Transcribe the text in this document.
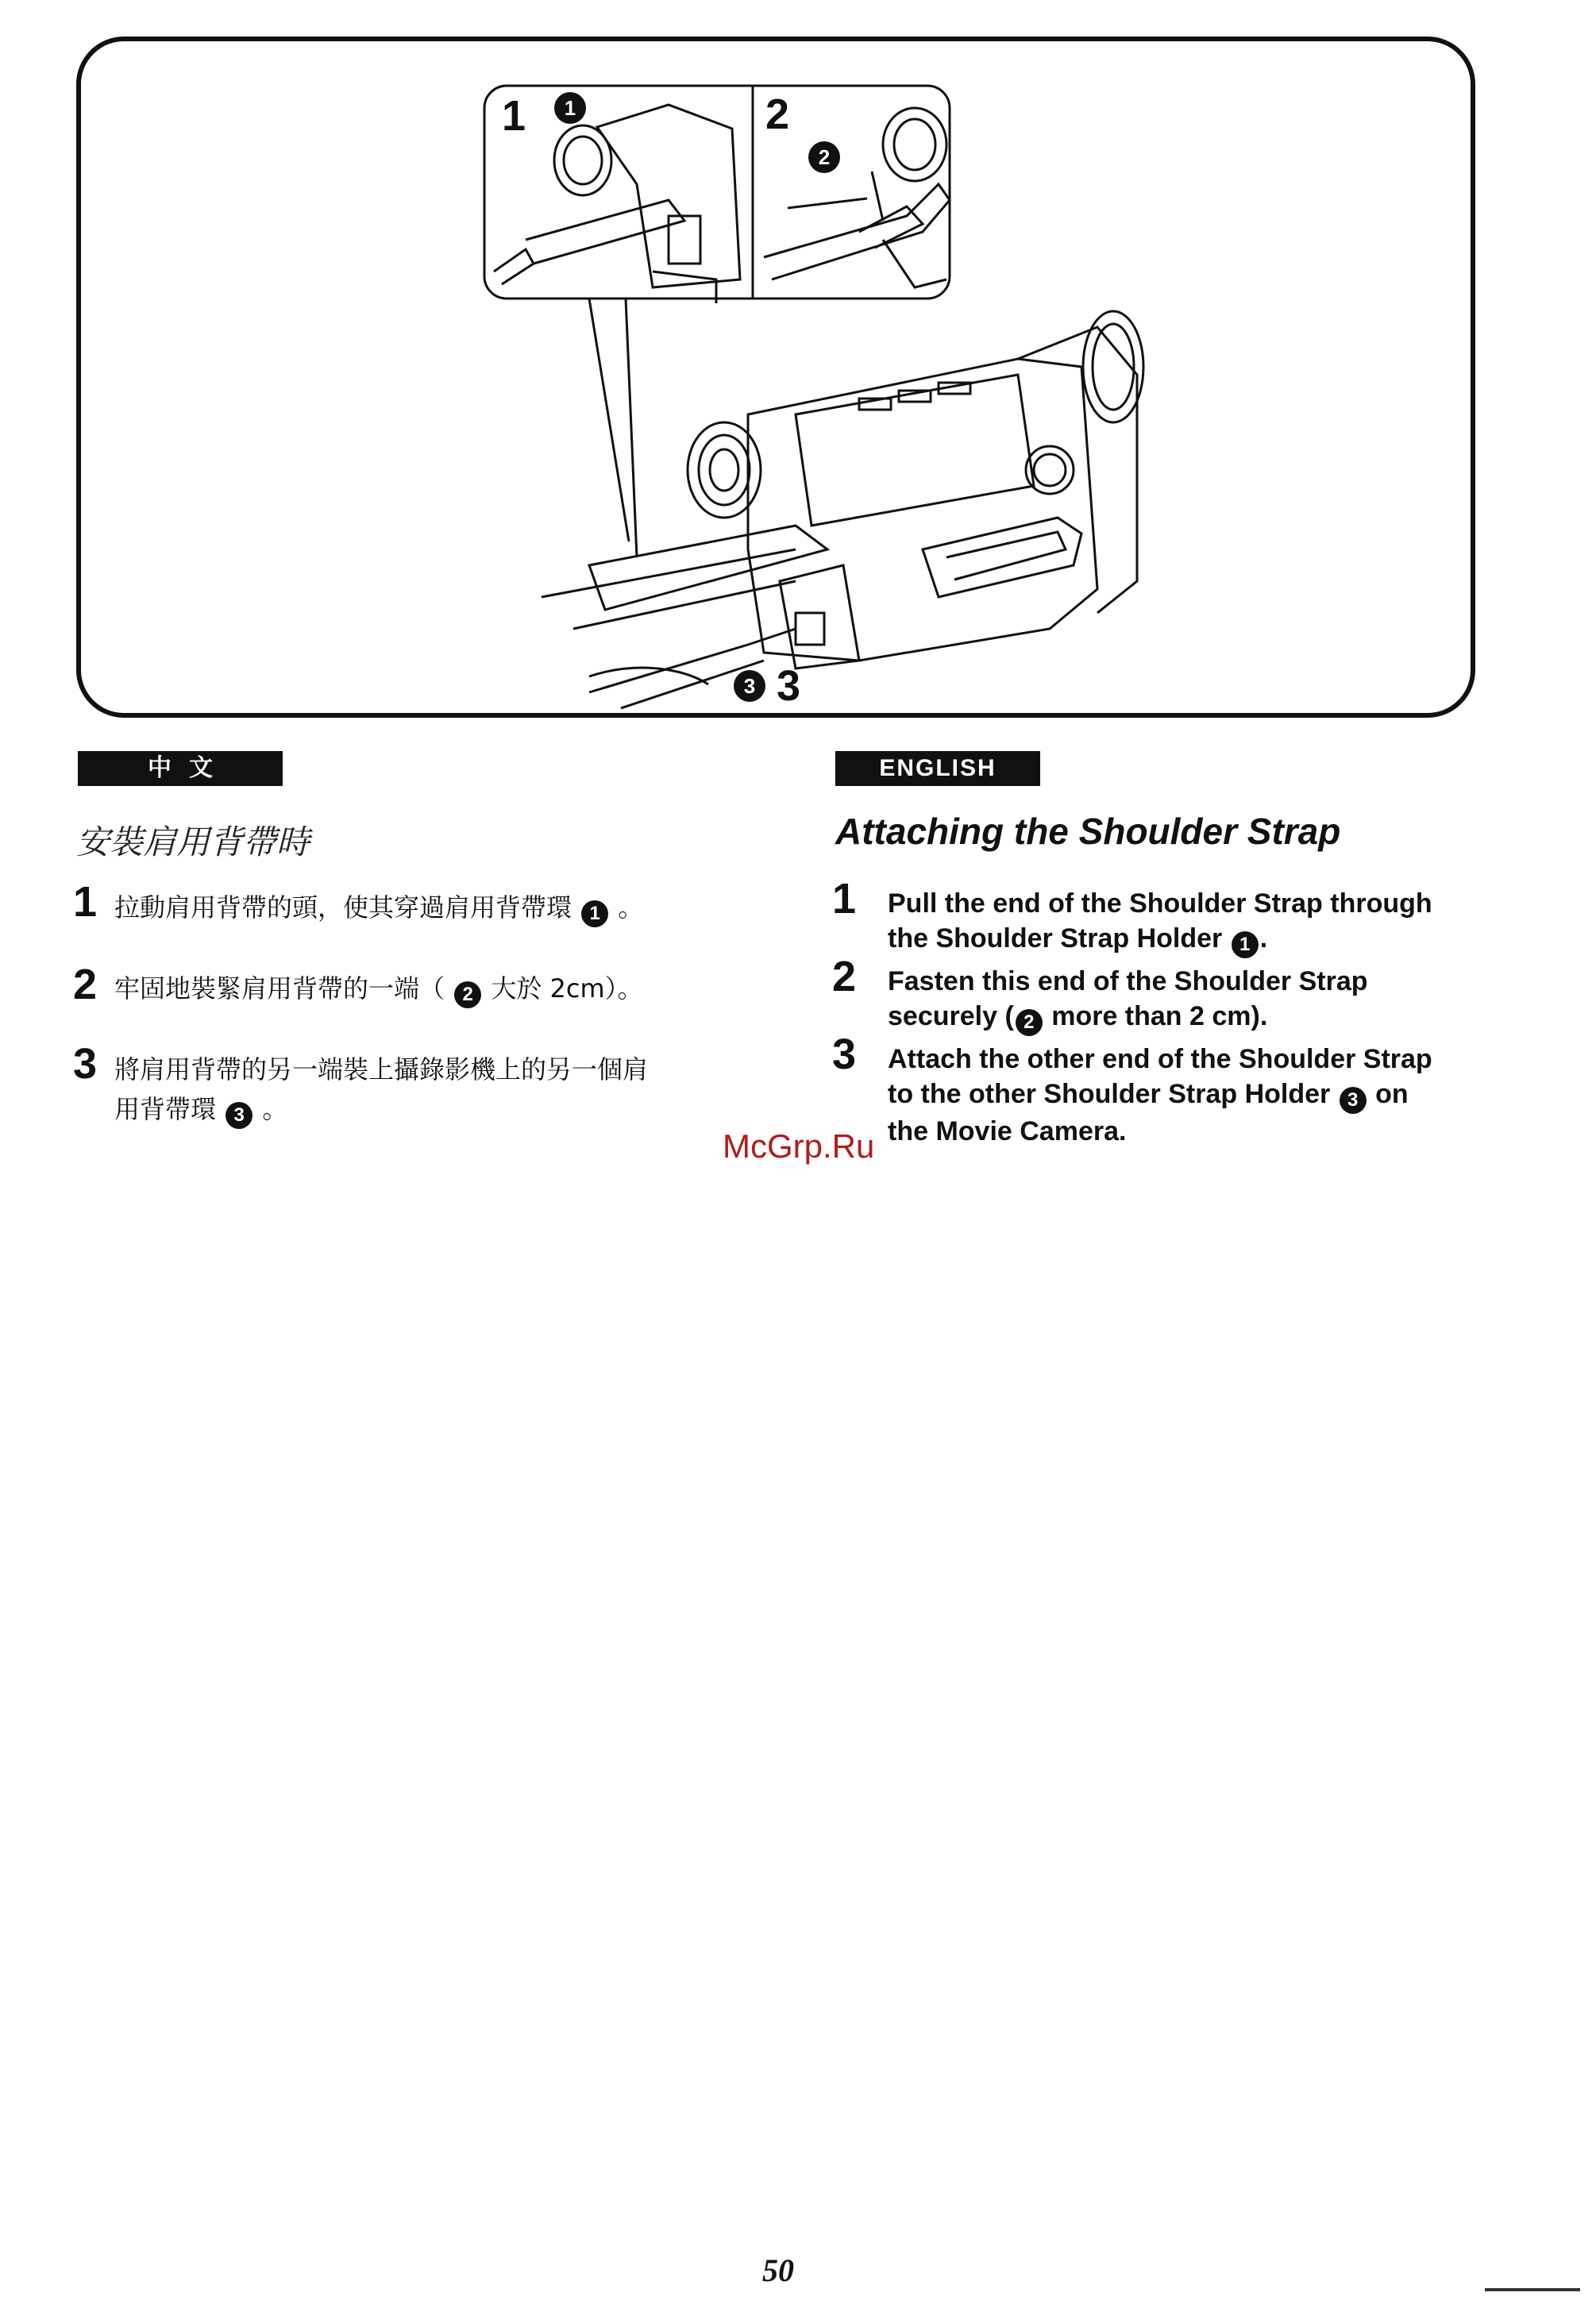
1	2
3
1
2
3
中文
安裝肩用背帶時
1 拉動肩用背帶的頭，使其穿過肩用背帶環 1 。
2 牢固地裝緊肩用背帶的一端（ 2 大於 2cm）。
3 將肩用背帶的另一端裝上攝錄影機上的另一個肩
用背帶環 3 。
ENGLISH
Attaching the Shoulder Strap
1 Pull the end of the Shoulder Strap through
the Shoulder Strap Holder 1 .
2 Fasten this end of the Shoulder Strap
securely ( 2 more than 2 cm).
3 Attach the other end of the Shoulder Strap
to the other Shoulder Strap Holder 3 on
the Movie Camera.
McGrp.Ru
50
